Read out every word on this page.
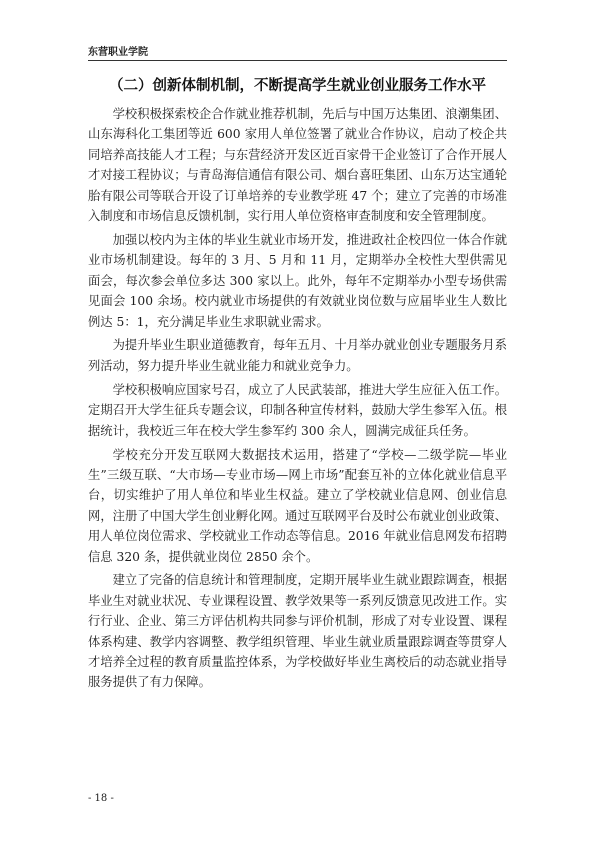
东营职业学院
（二）创新体制机制，不断提高学生就业创业服务工作水平

学校积极探索校企合作就业推荐机制，先后与中国万达集团、浪潮集团、山东海科化工集团等近 600 家用人单位签署了就业合作协议，启动了校企共同培养高技能人才工程；与东营经济开发区近百家骨干企业签订了合作开展人才对接工程协议；与青岛海信通信有限公司、烟台喜旺集团、山东万达宝通轮胎有限公司等联合开设了订单培养的专业教学班 47 个；建立了完善的市场准入制度和市场信息反馈机制，实行用人单位资格审查制度和安全管理制度。

加强以校内为主体的毕业生就业市场开发，推进政社企校四位一体合作就业市场机制建设。每年的 3 月、5 月和 11 月，定期举办全校性大型供需见面会，每次参会单位多达 300 家以上。此外，每年不定期举办小型专场供需见面会 100 余场。校内就业市场提供的有效就业岗位数与应届毕业生人数比例达 5：1，充分满足毕业生求职就业需求。

为提升毕业生职业道德教育，每年五月、十月举办就业创业专题服务月系列活动，努力提升毕业生就业能力和就业竞争力。

学校积极响应国家号召，成立了人民武装部，推进大学生应征入伍工作。定期召开大学生征兵专题会议，印制各种宣传材料，鼓励大学生参军入伍。根据统计，我校近三年在校大学生参军约 300 余人，圆满完成征兵任务。

学校充分开发互联网大数据技术运用，搭建了“学校—二级学院—毕业生”三级互联、“大市场—专业市场—网上市场”配套互补的立体化就业信息平台，切实维护了用人单位和毕业生权益。建立了学校就业信息网、创业信息网，注册了中国大学生创业孵化网。通过互联网平台及时公布就业创业政策、用人单位岗位需求、学校就业工作动态等信息。2016 年就业信息网发布招聘信息 320 条，提供就业岗位 2850 余个。

建立了完备的信息统计和管理制度，定期开展毕业生就业跟踪调查，根据毕业生对就业状况、专业课程设置、教学效果等一系列反馈意见改进工作。实行行业、企业、第三方评估机构共同参与评价机制，形成了对专业设置、课程体系构建、教学内容调整、教学组织管理、毕业生就业质量跟踪调查等贯穿人才培养全过程的教育质量监控体系，为学校做好毕业生离校后的动态就业指导服务提供了有力保障。

- 18 -
